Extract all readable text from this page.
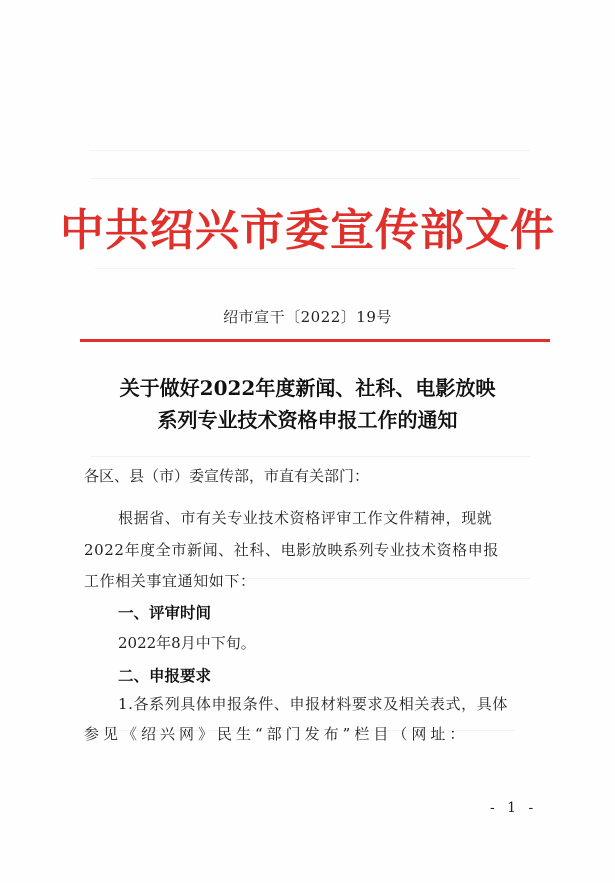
中共绍兴市委宣传部文件
绍市宣干〔2022〕19号
关于做好2022年度新闻、社科、电影放映
系列专业技术资格申报工作的通知
各区、县（市）委宣传部，市直有关部门：
根据省、市有关专业技术资格评审工作文件精神，现就
2022年度全市新闻、社科、电影放映系列专业技术资格申报
工作相关事宜通知如下：
一、评审时间
2022年8月中下旬。
二、申报要求
1.各系列具体申报条件、申报材料要求及相关表式，具体
参见《绍兴网》民生“部门发布”栏目（网址：
- 1 -
